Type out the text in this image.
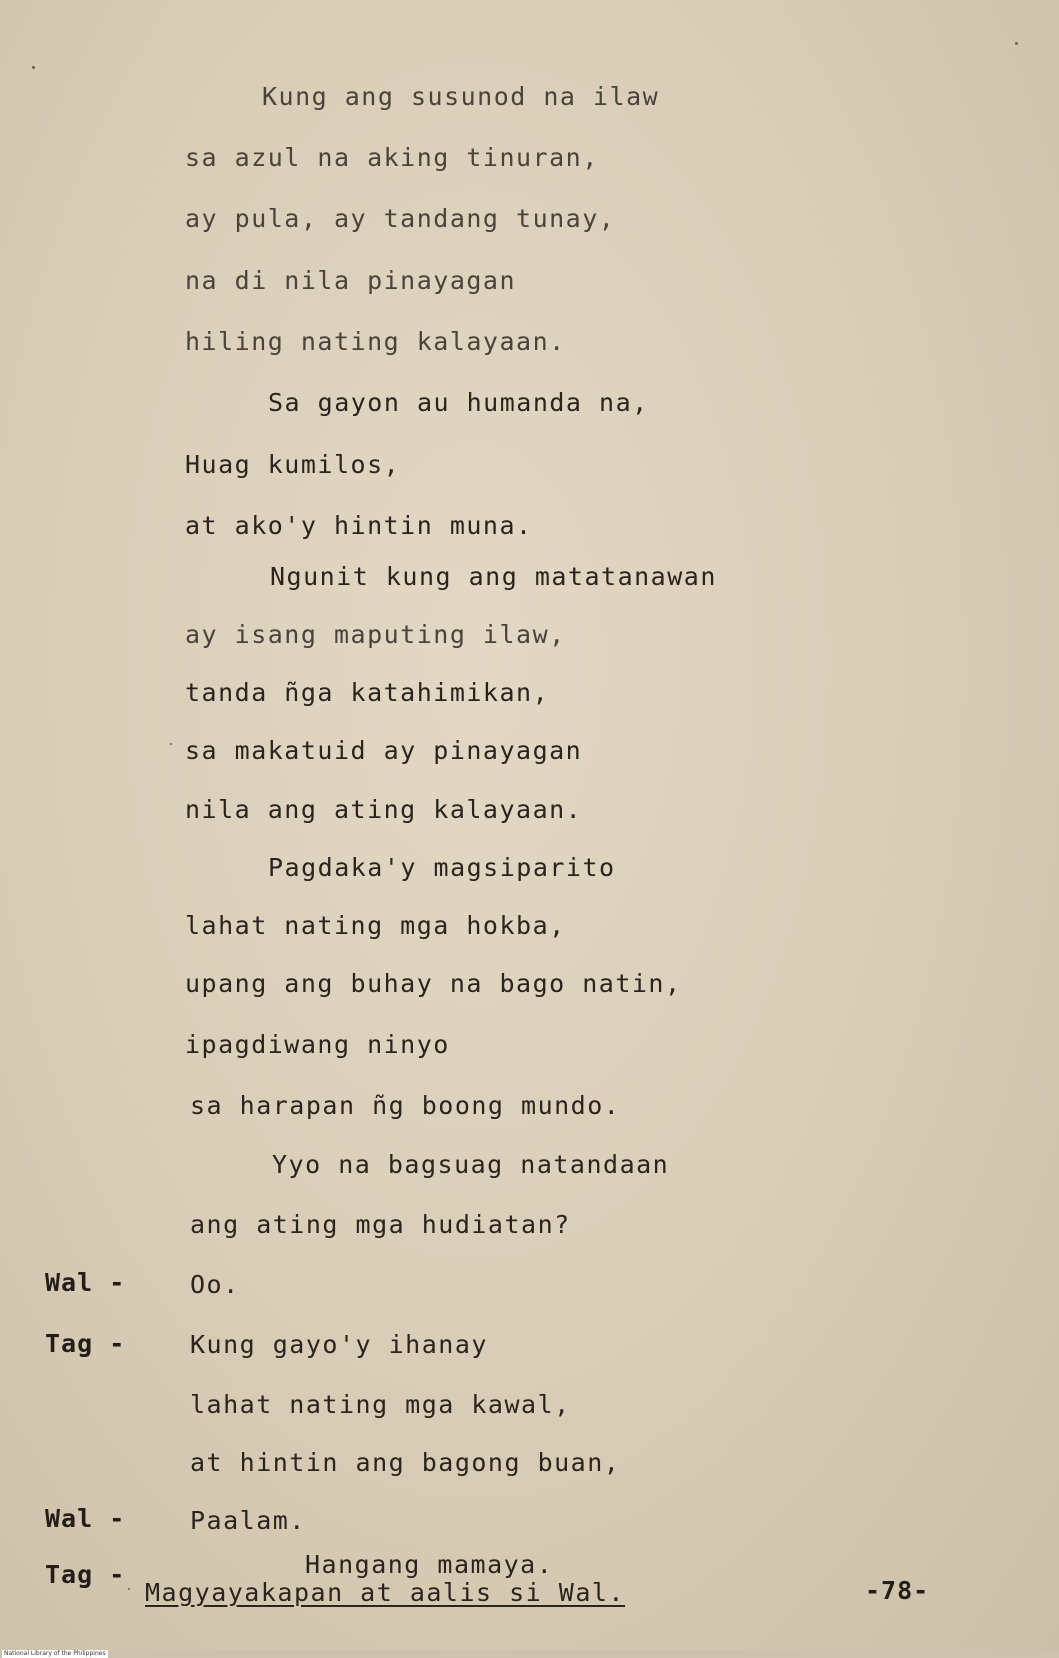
Kung ang susunod na ilaw
sa azul na aking tinuran,
ay pula, ay tandang tunay,
na di nila pinayagan
hiling nating kalayaan.
Sa gayon au humanda na,
Huag kumilos,
at ako'y hintin muna.
Ngunit kung ang matatanawan
ay isang maputing ilaw,
tanda ñga katahimikan,
sa makatuid ay pinayagan
nila ang ating kalayaan.
Pagdaka'y magsiparito
lahat nating mga hokba,
upang ang buhay na bago natin,
ipagdiwang ninyo
sa harapan ñg boong mundo.
Yyo na bagsuag natandaan
ang ating mga hudiatan?
Wal -	Oo.
Tag -	Kung gayo'y ihanay
lahat nating mga kawal,
at hintin ang bagong buan,
Wal -	Paalam.
Tag -	Hangang mamaya.
Magyayakapan at aalis si Wal.	-78-
National Library of the Philippines
